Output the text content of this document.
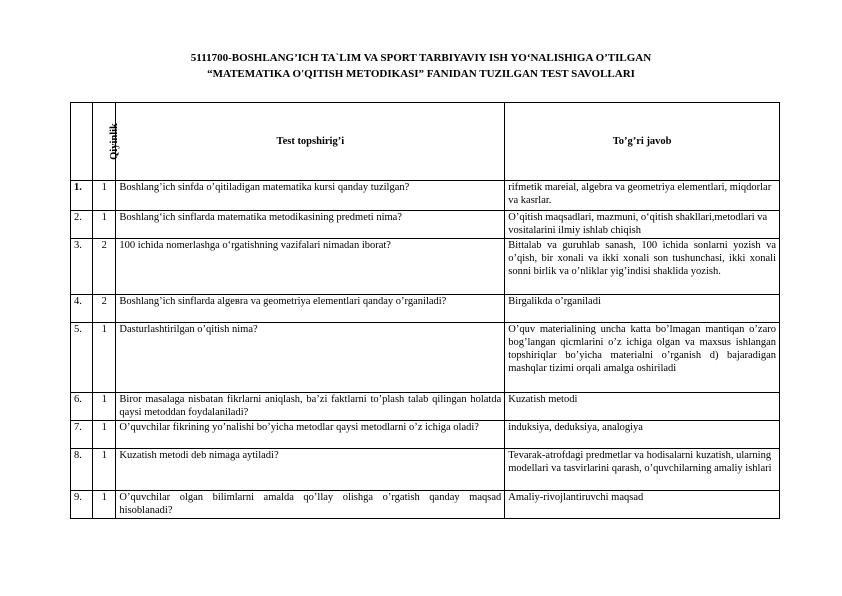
5111700-BOSHLANG’ICH TA`LIM VA SPORT TARBIYAVIY ISH YO‘NALISHIGA O’TILGAN
“MATEMATIKA O'QITISH METODIKASI” FANIDAN TUZILGAN TEST SAVOLLARI
	Qiyinlik	Test topshirig’i	To’g’ri javob
1.	1	Boshlang’ich sinfda o’qitiladigan matematika kursi qanday tuzilgan?	rifmetik mareial, algebra va geometriya elementlari, miqdorlar va kasrlar.
2.	1	Boshlang‘ich sinflarda matematika metodikasining predmeti nima?	O’qitish maqsadlari, mazmuni, o‘qitish shakllari,metodlari va vositalarini ilmiy ishlab chiqish
3.	2	100 ichida nomerlashga o‘rgatishning vazifalari nimadan iborat?	Bittalab va guruhlab sanash, 100 ichida sonlarni yozish va o’qish, bir xonali va ikki xonali son tushunchasi, ikki xonali sonni birlik va o’nliklar yig’indisi shaklida yozish.
4.	2	Boshlang’ich sinflarda algевra va geometriya elementlari qanday o’rganiladi?	Birgalikda o’rganiladi
5.	1	Dasturlashtirilgan o’qitish nima?	O’quv materialining uncha katta bo’lmagan mantiqan o’zaro bog’langan qicmlarini o’z ichiga olgan va maxsus ishlangan topshiriqlar bo’yicha materialni o’rganish d) bajaradigan mashqlar tizimi orqali amalga oshiriladi
6.	1	Biror masalaga nisbatan fikrlarni aniqlash, ba’zi faktlarni to’plash talab qilingan holatda qaysi metoddan foydalaniladi?	Kuzatish metodi
7.	1	O’quvchilar fikrining yo’nalishi bo’yicha metodlar qaysi metodlarni o’z ichiga oladi?	induksiya, deduksiya, analogiya
8.	1	Kuzatish metodi deb nimaga aytiladi?	Tevarak-atrofdagi predmetlar va hodisalarni kuzatish, ularning modellari va tasvirlarini qarash, o’quvchilarning amaliy ishlari
9.	1	O’quvchilar olgan bilimlarni amalda qo’llay olishga o’rgatish qanday maqsad hisoblanadi?	Amaliy-rivojlantiruvchi maqsad
